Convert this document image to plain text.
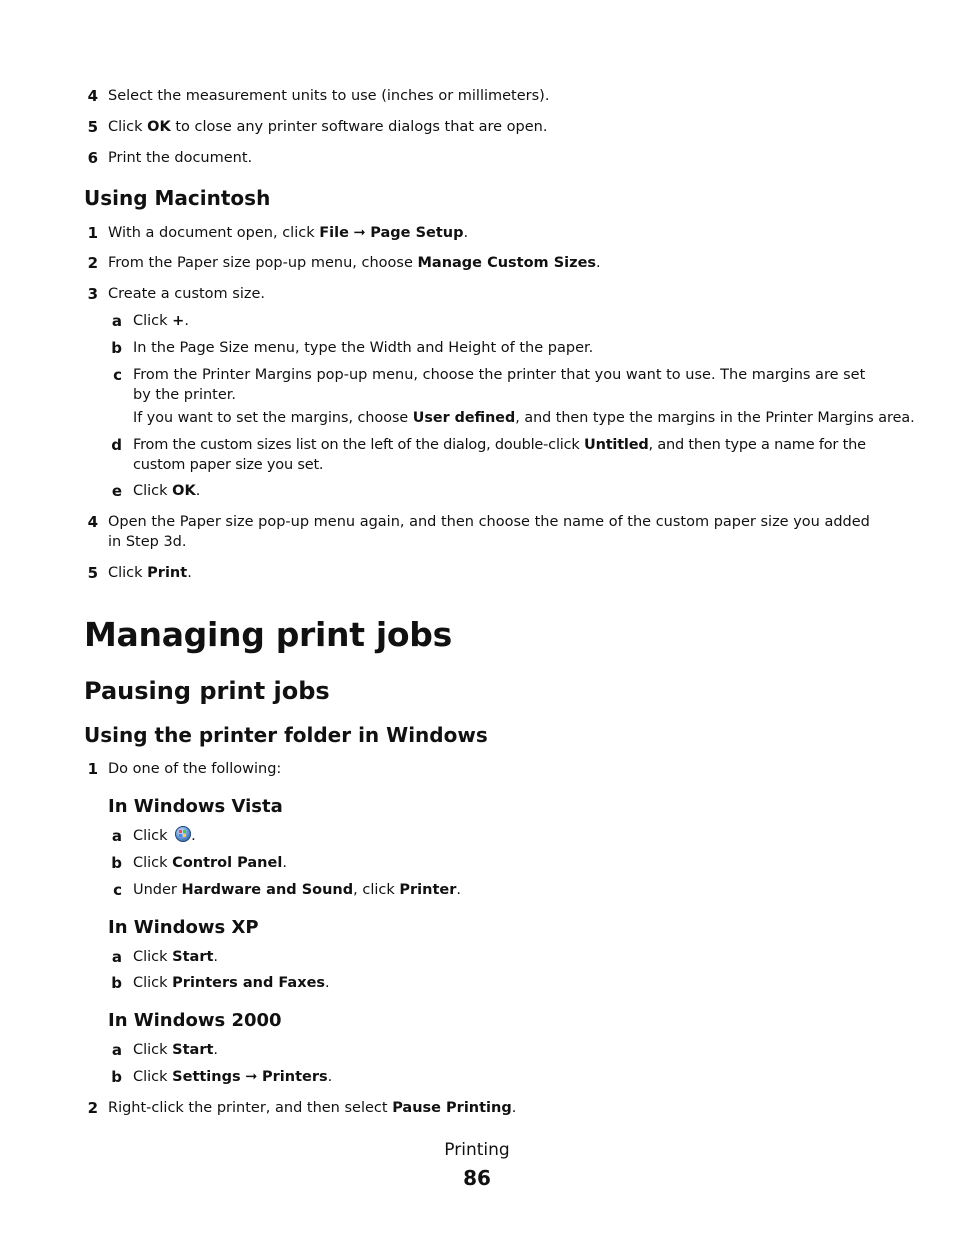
4 Select the measurement units to use (inches or millimeters).
5 Click OK to close any printer software dialogs that are open.
6 Print the document.
Using Macintosh
1 With a document open, click File ➞ Page Setup.
2 From the Paper size pop-up menu, choose Manage Custom Sizes.
3 Create a custom size.
a Click +.
b In the Page Size menu, type the Width and Height of the paper.
c From the Printer Margins pop-up menu, choose the printer that you want to use. The margins are set by the printer.
If you want to set the margins, choose User defined, and then type the margins in the Printer Margins area.
d From the custom sizes list on the left of the dialog, double-click Untitled, and then type a name for the custom paper size you set.
e Click OK.
4 Open the Paper size pop-up menu again, and then choose the name of the custom paper size you added in Step 3d.
5 Click Print.
Managing print jobs
Pausing print jobs
Using the printer folder in Windows
1 Do one of the following:
In Windows Vista
a Click .
b Click Control Panel.
c Under Hardware and Sound, click Printer.
In Windows XP
a Click Start.
b Click Printers and Faxes.
In Windows 2000
a Click Start.
b Click Settings ➞ Printers.
2 Right-click the printer, and then select Pause Printing.
Printing
86
